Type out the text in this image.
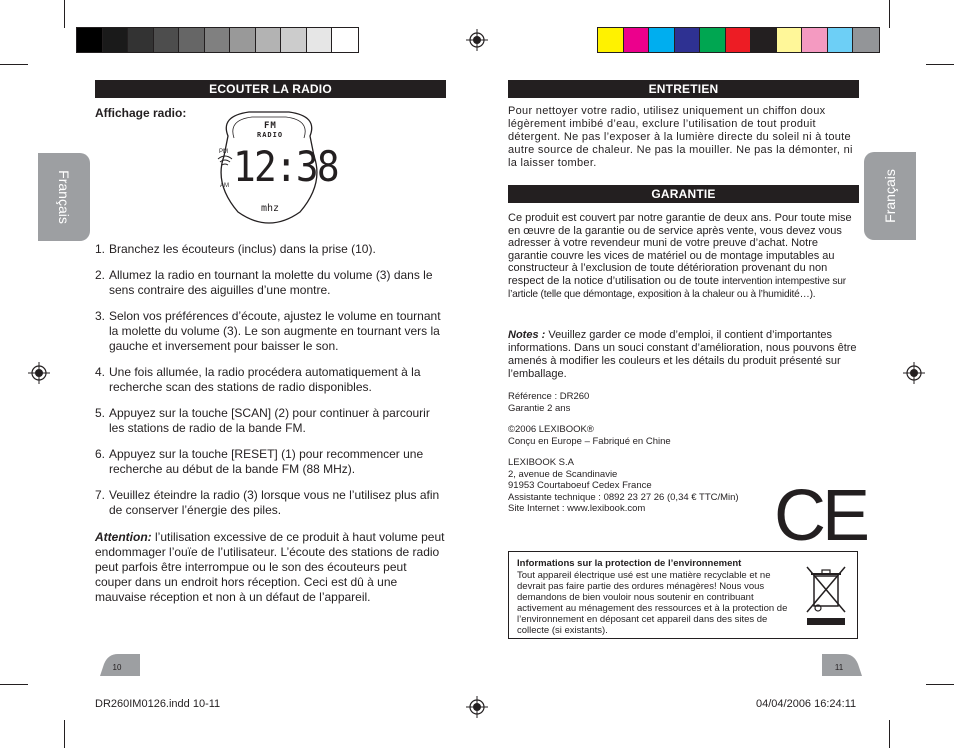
Français	Français
ECOUTER LA RADIO
Affichage radio:
FM
RADIO
PM
AM 12:38
mhz
1. Branchez les écouteurs (inclus) dans la prise (10).
2. Allumez la radio en tournant la molette du volume (3) dans le sens contraire des aiguilles d’une montre.
3. Selon vos préférences d’écoute, ajustez le volume en tournant la molette du volume (3). Le son augmente en tournant vers la gauche et inversement pour baisser le son.
4. Une fois allumée, la radio procédera automatiquement à la recherche scan des stations de radio disponibles.
5. Appuyez sur la touche [SCAN] (2) pour continuer à parcourir les stations de radio de la bande FM.
6. Appuyez sur la touche [RESET] (1) pour recommencer une recherche au début de la bande FM (88 MHz).
7. Veuillez éteindre la radio (3) lorsque vous ne l’utilisez plus afin de conserver l’énergie des piles.
Attention: l’utilisation excessive de ce produit à haut volume peut endommager l’ouïe de l’utilisateur. L’écoute des stations de radio peut parfois être interrompue ou le son des écouteurs peut couper dans un endroit hors réception. Ceci est dû à une mauvaise réception et non à un défaut de l’appareil.
10
ENTRETIEN
Pour nettoyer votre radio, utilisez uniquement un chiffon doux légèrement imbibé d’eau, exclure l’utilisation de tout produit détergent. Ne pas l’exposer à la lumière directe du soleil ni à toute autre source de chaleur. Ne pas la mouiller. Ne pas la démonter, ni la laisser tomber.
GARANTIE
Ce produit est couvert par notre garantie de deux ans. Pour toute mise en œuvre de la garantie ou de service après vente, vous devez vous adresser à votre revendeur muni de votre preuve d’achat. Notre garantie couvre les vices de matériel ou de montage imputables au constructeur à l’exclusion de toute détérioration provenant du non respect de la notice d’utilisation ou de toute intervention intempestive sur l’article (telle que démontage, exposition à la chaleur ou à l’humidité…).
Notes : Veuillez garder ce mode d’emploi, il contient d’importantes informations. Dans un souci constant d’amélioration, nous pouvons être amenés à modifier les couleurs et les détails du produit présenté sur l’emballage.
Référence : DR260
Garantie 2 ans
©2006 LEXIBOOK®
Conçu en Europe – Fabriqué en Chine
LEXIBOOK S.A
2, avenue de Scandinavie
91953 Courtaboeuf Cedex France
Assistante technique : 0892 23 27 26 (0,34 € TTC/Min)
Site Internet : www.lexibook.com	CE
Informations sur la protection de l’environnement
Tout appareil électrique usé est une matière recyclable et ne devrait pas faire partie des ordures ménagères! Nous vous demandons de bien vouloir nous soutenir en contribuant activement au ménagement des ressources et à la protection de l’environnement en déposant cet appareil dans des sites de collecte (si existants).
11
DR260IM0126.indd 10-11	04/04/2006 16:24:11
